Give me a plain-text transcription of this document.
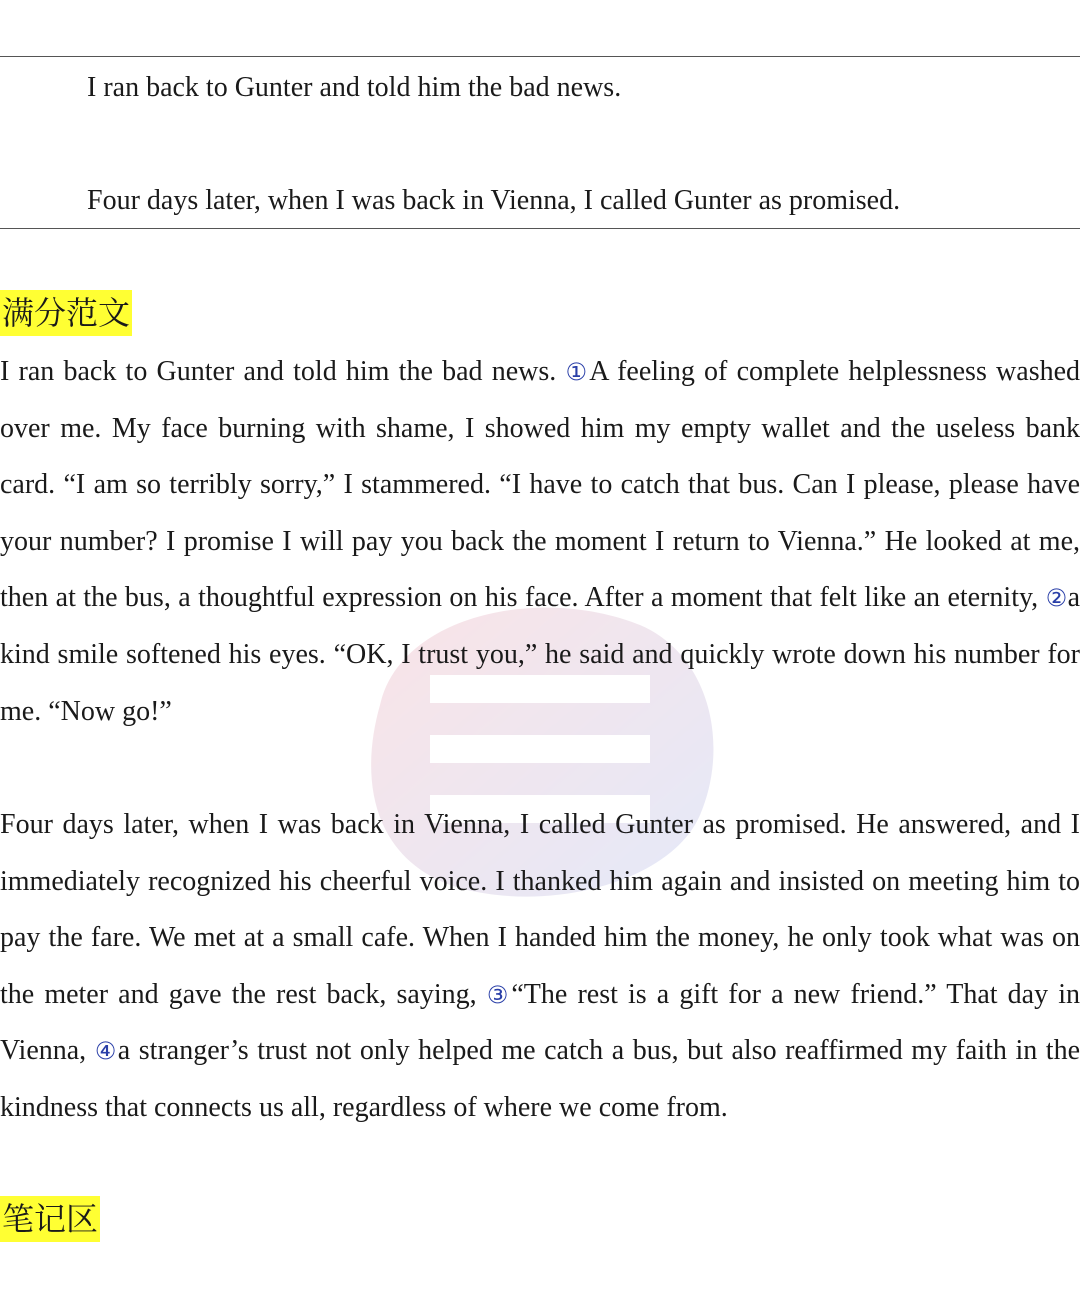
I ran back to Gunter and told him the bad news.
Four days later, when I was back in Vienna, I called Gunter as promised.
满分范文

I ran back to Gunter and told him the bad news. ①A feeling of complete helplessness washed over me. My face burning with shame, I showed him my empty wallet and the useless bank card. “I am so terribly sorry,” I stammered. “I have to catch that bus. Can I please, please have your number? I promise I will pay you back the moment I return to Vienna.” He looked at me, then at the bus, a thoughtful expression on his face. After a moment that felt like an eternity, ②a kind smile softened his eyes. “OK, I trust you,” he said and quickly wrote down his number for me. “Now go!”

Four days later, when I was back in Vienna, I called Gunter as promised. He answered, and I immediately recognized his cheerful voice. I thanked him again and insisted on meeting him to pay the fare. We met at a small cafe. When I handed him the money, he only took what was on the meter and gave the rest back, saying, ③“The rest is a gift for a new friend.” That day in Vienna, ④a stranger’s trust not only helped me catch a bus, but also reaffirmed my faith in the kindness that connects us all, regardless of where we come from.

笔记区
